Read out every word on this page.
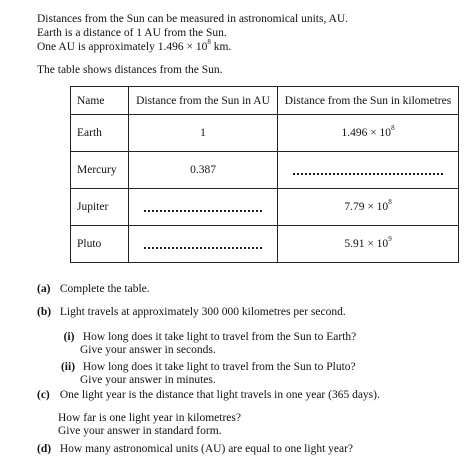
Distances from the Sun can be measured in astronomical units, AU.
Earth is a distance of 1 AU from the Sun.
One AU is approximately $1.496 \times 10^8$ km.
The table shows distances from the Sun.
Name	Distance from the Sun in AU	Distance from the Sun in kilometres
Earth	1	$1.496 \times 10^8$
Mercury	0.387	
Jupiter		$7.79 \times 10^8$
Pluto		$5.91 \times 10^9$
(a) Complete the table.
(b) Light travels at approximately 300 000 kilometres per second.
(i) How long does it take light to travel from the Sun to Earth?
Give your answer in seconds.
(ii) How long does it take light to travel from the Sun to Pluto?
Give your answer in minutes.
(c) One light year is the distance that light travels in one year (365 days).
How far is one light year in kilometres?
Give your answer in standard form.
(d) How many astronomical units (AU) are equal to one light year?
